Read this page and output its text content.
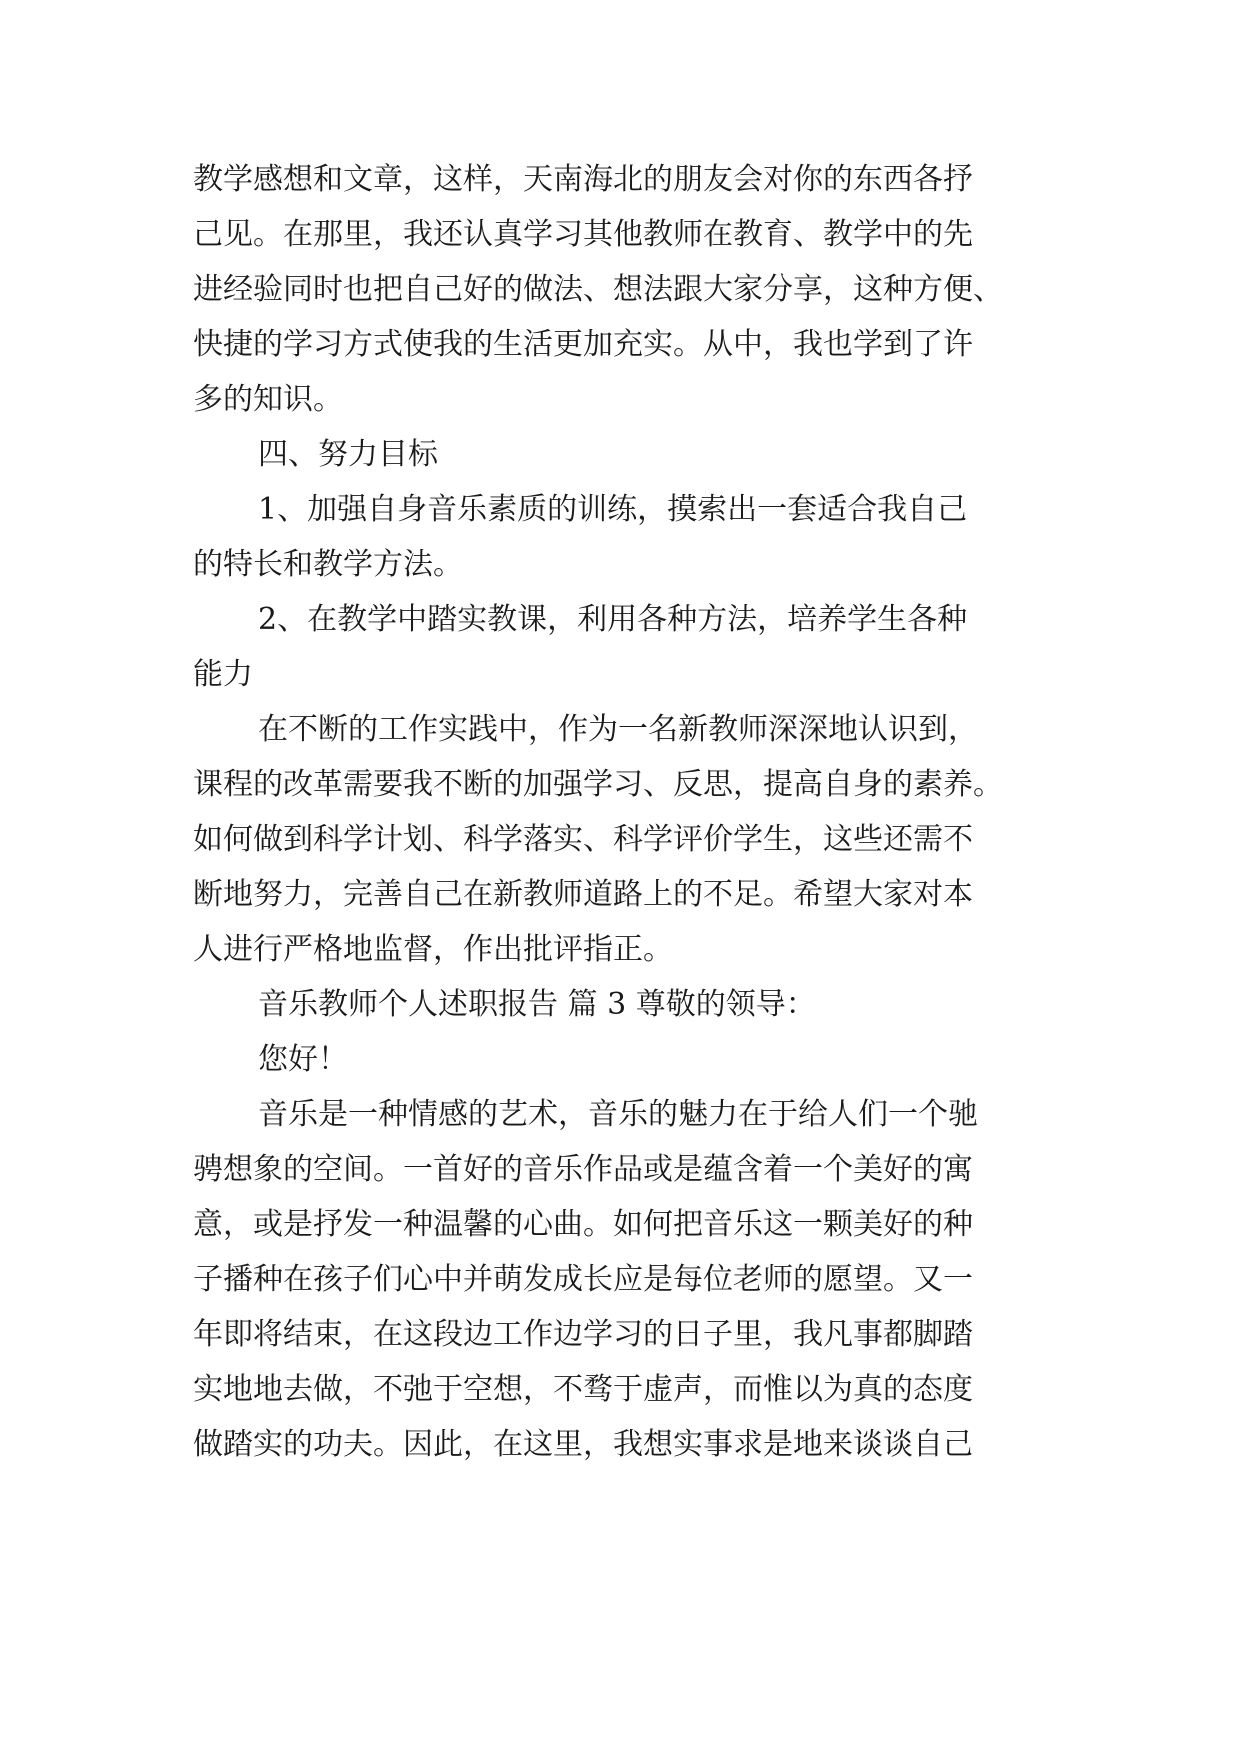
教学感想和文章，这样，天南海北的朋友会对你的东西各抒
己见。在那里，我还认真学习其他教师在教育、教学中的先
进经验同时也把自己好的做法、想法跟大家分享，这种方便、
快捷的学习方式使我的生活更加充实。从中，我也学到了许
多的知识。
四、努力目标
1、加强自身音乐素质的训练，摸索出一套适合我自己
的特长和教学方法。
2、在教学中踏实教课，利用各种方法，培养学生各种
能力
在不断的工作实践中，作为一名新教师深深地认识到，
课程的改革需要我不断的加强学习、反思，提高自身的素养。
如何做到科学计划、科学落实、科学评价学生，这些还需不
断地努力，完善自己在新教师道路上的不足。希望大家对本
人进行严格地监督，作出批评指正。
音乐教师个人述职报告 篇 3 尊敬的领导：
您好！
音乐是一种情感的艺术，音乐的魅力在于给人们一个驰
骋想象的空间。一首好的音乐作品或是蕴含着一个美好的寓
意，或是抒发一种温馨的心曲。如何把音乐这一颗美好的种
子播种在孩子们心中并萌发成长应是每位老师的愿望。又一
年即将结束，在这段边工作边学习的日子里，我凡事都脚踏
实地地去做，不弛于空想，不骛于虚声，而惟以为真的态度
做踏实的功夫。因此，在这里，我想实事求是地来谈谈自己
